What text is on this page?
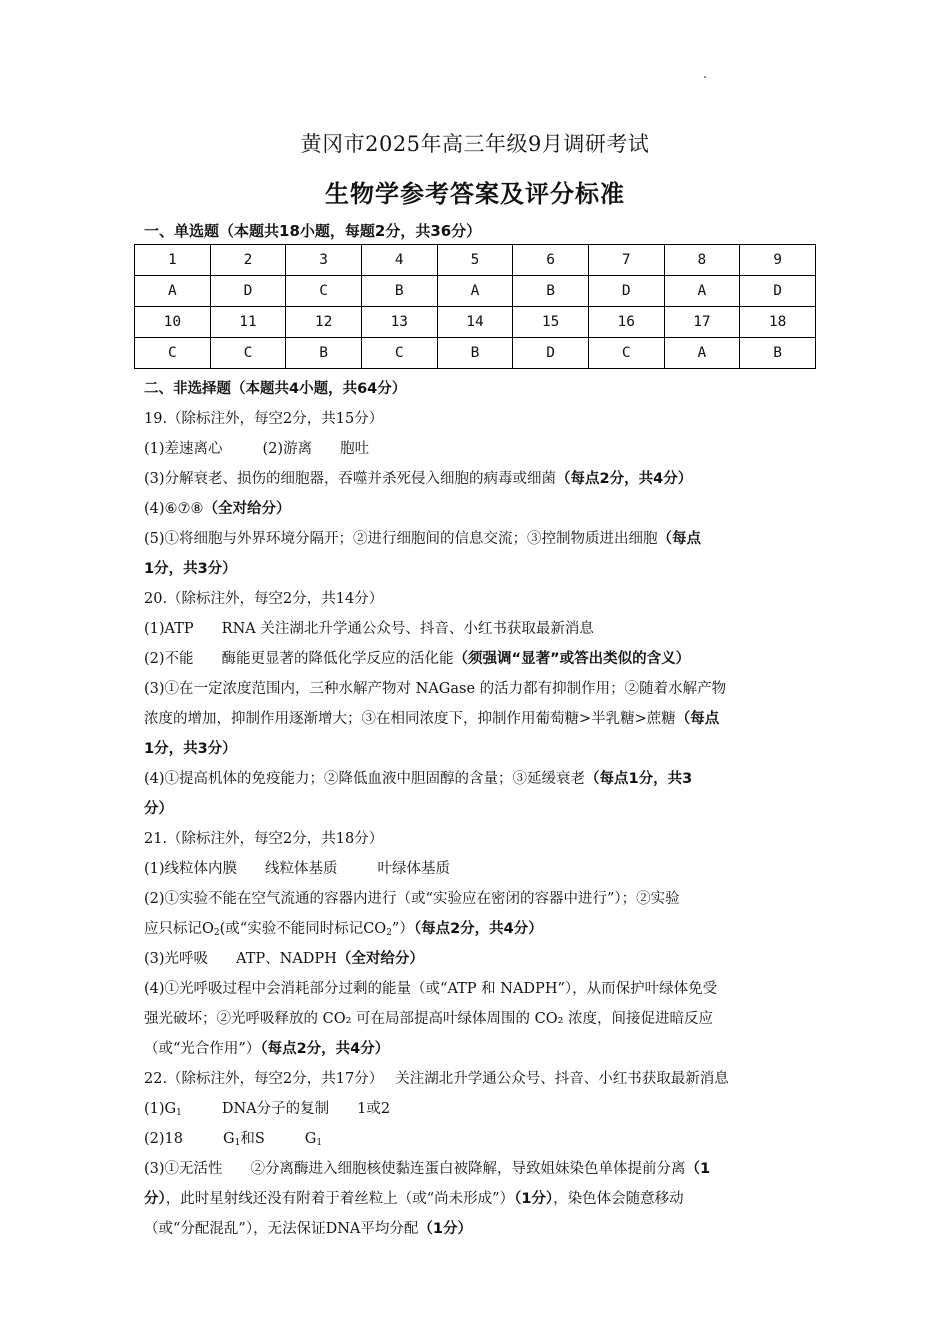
黄冈市2025年高三年级9月调研考试
生物学参考答案及评分标准
一、单选题（本题共18小题，每题2分，共36分）
1	2	3	4	5	6	7	8	9
A	D	C	B	A	B	D	A	D
10	11	12	13	14	15	16	17	18
C	C	B	C	B	D	C	A	B
二、非选择题（本题共4小题，共64分）
19.（除标注外，每空2分，共15分）
(1)差速离心	(2)游离 胞吐
(3)分解衰老、损伤的细胞器，吞噬并杀死侵入细胞的病毒或细菌（每点2分，共4分）
(4)⑥⑦⑧（全对给分）
(5)①将细胞与外界环境分隔开；②进行细胞间的信息交流；③控制物质进出细胞（每点
1分，共3分）
20.（除标注外，每空2分，共14分）
(1)ATP RNA 关注湖北升学通公众号、抖音、小红书获取最新消息
(2)不能 酶能更显著的降低化学反应的活化能（须强调“显著”或答出类似的含义）
(3)①在一定浓度范围内，三种水解产物对 NAGase 的活力都有抑制作用；②随着水解产物
浓度的增加，抑制作用逐渐增大；③在相同浓度下，抑制作用葡萄糖>半乳糖>蔗糖（每点
1分，共3分）
(4)①提高机体的免疫能力；②降低血液中胆固醇的含量；③延缓衰老（每点1分，共3
分）
21.（除标注外，每空2分，共18分）
(1)线粒体内膜 线粒体基质	叶绿体基质
(2)①实验不能在空气流通的容器内进行（或“实验应在密闭的容器中进行”）；②实验
应只标记$O_2$(或“实验不能同时标记$CO_2$”）（每点2分，共4分）
(3)光呼吸 ATP、NADPH（全对给分）
(4)①光呼吸过程中会消耗部分过剩的能量（或“ATP 和 NADPH”），从而保护叶绿体免受
强光破坏；②光呼吸释放的 CO₂ 可在局部提高叶绿体周围的 CO₂ 浓度，间接促进暗反应
（或“光合作用”）（每点2分，共4分）
22.（除标注外，每空2分，共17分） 关注湖北升学通公众号、抖音、小红书获取最新消息
$(1)G_1$	DNA分子的复制 1或2
(2)18	$G_1$和S	$G_1$
(3)①无活性 ②分离酶进入细胞核使黏连蛋白被降解，导致姐妹染色单体提前分离（1
分），此时星射线还没有附着于着丝粒上（或“尚未形成”）（1分），染色体会随意移动
（或“分配混乱”），无法保证DNA平均分配（1分）
